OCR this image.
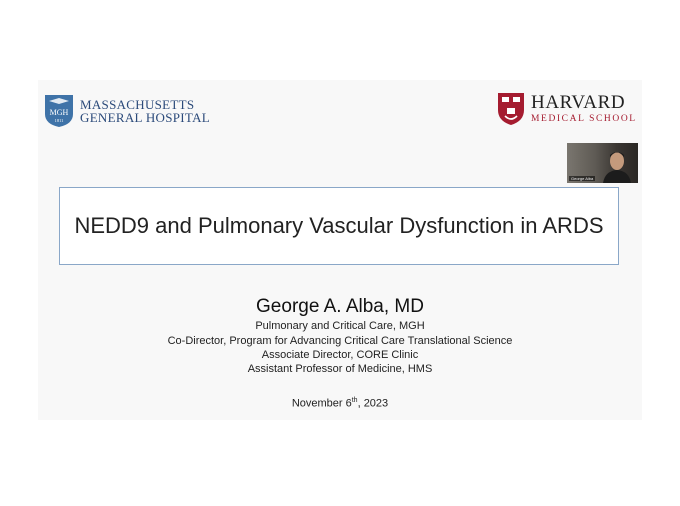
MGH
1811
MASSACHUSETTS
GENERAL HOSPITAL
HARVARD
MEDICAL SCHOOL
George Alba
NEDD9 and Pulmonary Vascular Dysfunction in ARDS
George A. Alba, MD
Pulmonary and Critical Care, MGH
Co-Director, Program for Advancing Critical Care Translational Science
Associate Director, CORE Clinic
Assistant Professor of Medicine, HMS
November 6th, 2023
